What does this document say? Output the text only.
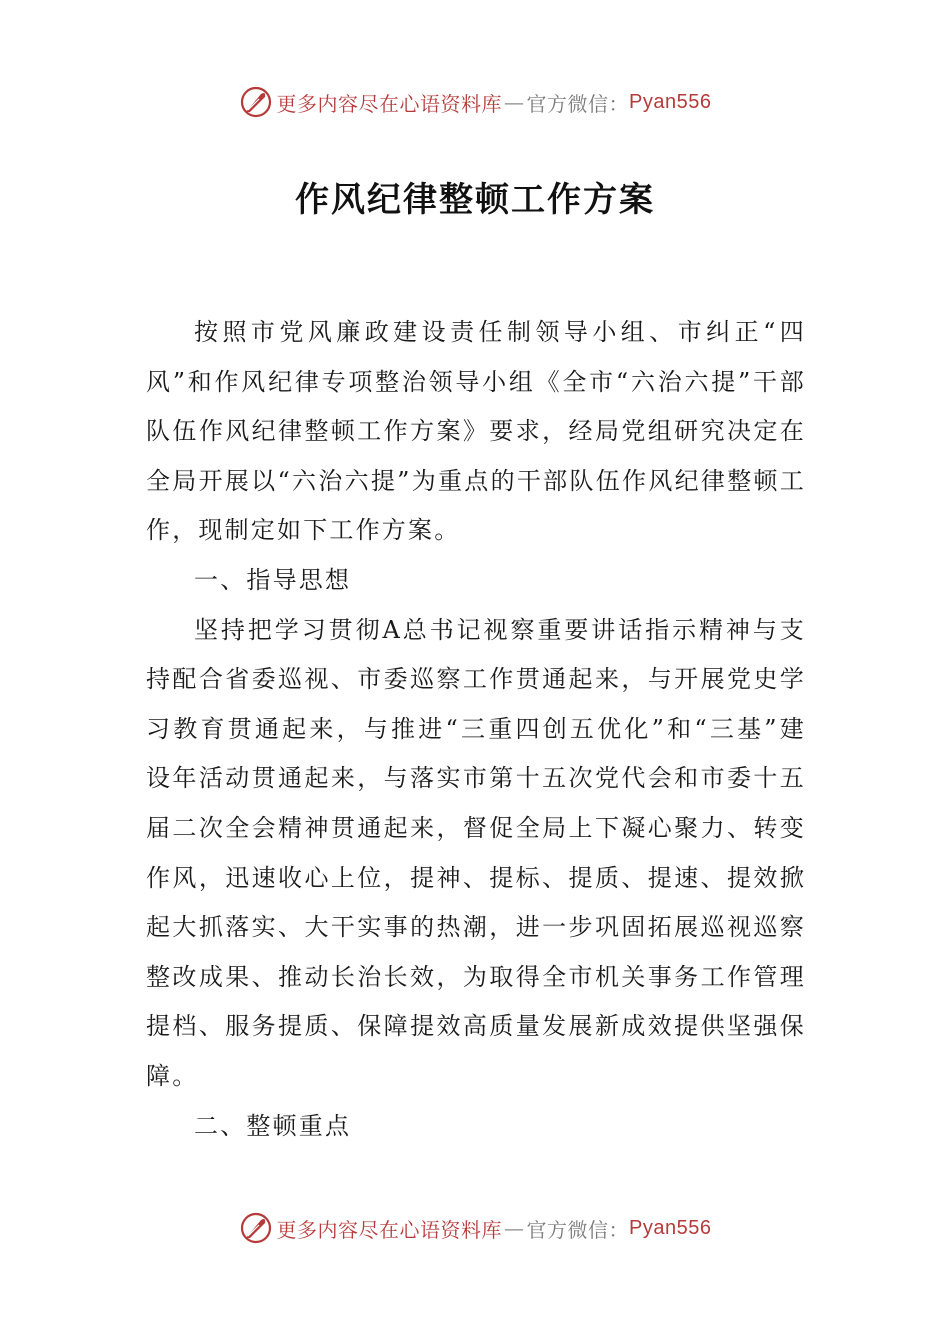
更多内容尽在心语资料库 — 官方微信： Pyan556
作风纪律整顿工作方案

按照市党风廉政建设责任制领导小组、市纠正“四风”和作风纪律专项整治领导小组《全市“六治六提”干部队伍作风纪律整顿工作方案》要求，经局党组研究决定在全局开展以“六治六提”为重点的干部队伍作风纪律整顿工作，现制定如下工作方案。

一、指导思想

坚持把学习贯彻A总书记视察重要讲话指示精神与支持配合省委巡视、市委巡察工作贯通起来，与开展党史学习教育贯通起来，与推进“三重四创五优化”和“三基”建设年活动贯通起来，与落实市第十五次党代会和市委十五届二次全会精神贯通起来，督促全局上下凝心聚力、转变作风，迅速收心上位，提神、提标、提质、提速、提效掀起大抓落实、大干实事的热潮，进一步巩固拓展巡视巡察整改成果、推动长治长效，为取得全市机关事务工作管理提档、服务提质、保障提效高质量发展新成效提供坚强保障。

二、整顿重点

更多内容尽在心语资料库 — 官方微信： Pyan556
